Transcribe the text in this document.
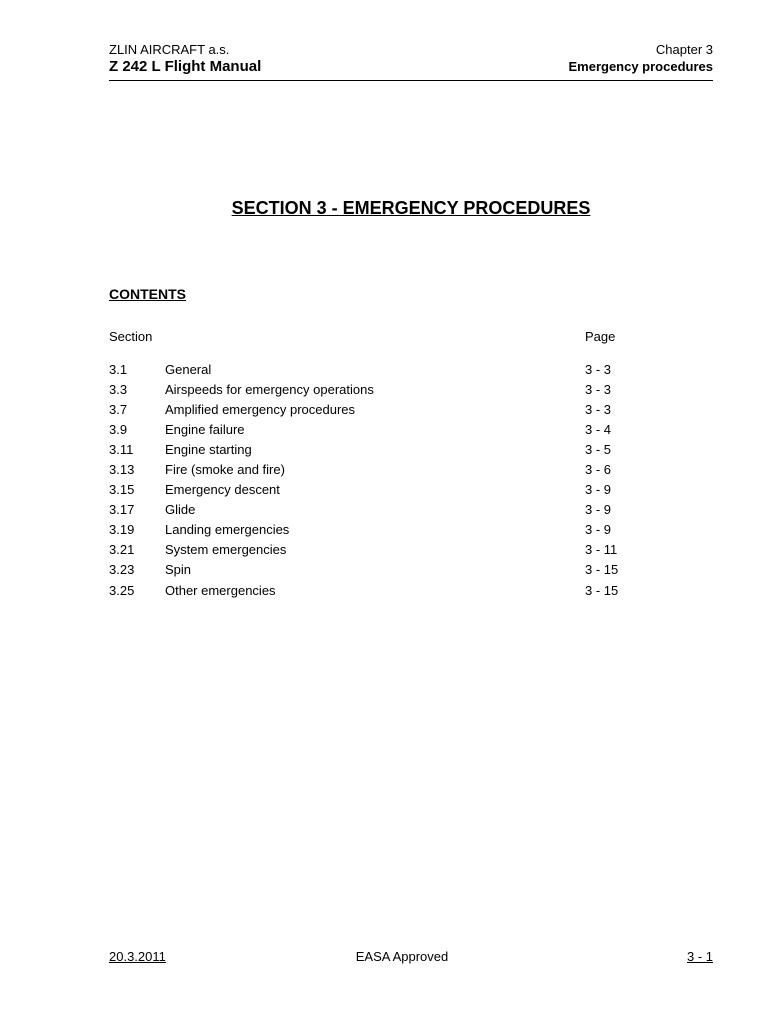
ZLIN AIRCRAFT a.s.
Z 242 L Flight Manual
Chapter 3
Emergency procedures
SECTION 3 - EMERGENCY PROCEDURES
CONTENTS
Section	Page
3.1	General	3 - 3
3.3	Airspeeds for emergency operations	3 - 3
3.7	Amplified emergency procedures	3 - 3
3.9	Engine failure	3 - 4
3.11 Engine starting	3 - 5
3.13 Fire (smoke and fire)	3 - 6
3.15 Emergency descent	3 - 9
3.17 Glide	3 - 9
3.19 Landing emergencies	3 - 9
3.21 System emergencies	3 - 11
3.23 Spin	3 - 15
3.25 Other emergencies	3 - 15
20.3.2011	EASA Approved	3 - 1
